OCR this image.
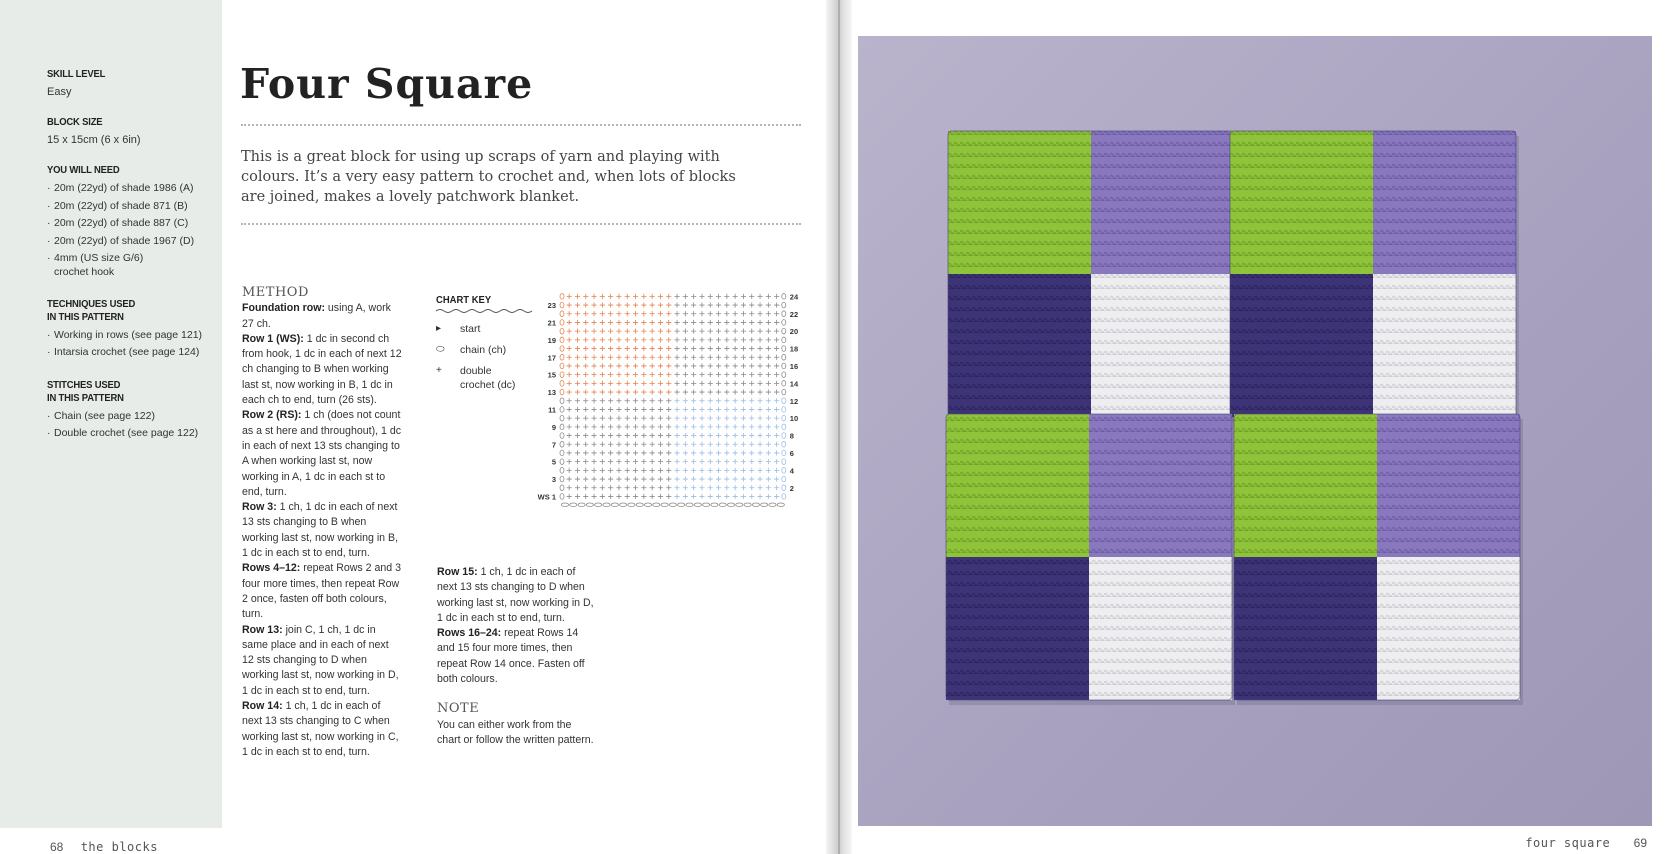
SKILL LEVEL
Easy
BLOCK SIZE
15 x 15cm (6 x 6in)
YOU WILL NEED
· 20m (22yd) of shade 1986 (A)
· 20m (22yd) of shade 871 (B)
· 20m (22yd) of shade 887 (C)
· 20m (22yd) of shade 1967 (D)
· 4mm (US size G/6)
crochet hook
TECHNIQUES USED
IN THIS PATTERN
· Working in rows (see page 121)
· Intarsia crochet (see page 124)
STITCHES USED
IN THIS PATTERN
· Chain (see page 122)
· Double crochet (see page 122)
Four Square

This is a great block for using up scraps of yarn and playing with colours. It’s a very easy pattern to crochet and, when lots of blocks are joined, makes a lovely patchwork blanket.

METHOD

Foundation row: using A, work 27 ch.

Row 1 (WS): 1 dc in second ch from hook, 1 dc in each of next 12 ch changing to B when working last st, now working in B, 1 dc in each ch to end, turn (26 sts).

Row 2 (RS): 1 ch (does not count as a st here and throughout), 1 dc in each of next 13 sts changing to A when working last st, now working in A, 1 dc in each st to end, turn.

Row 3: 1 ch, 1 dc in each of next 13 sts changing to B when working last st, now working in B, 1 dc in each st to end, turn.

Rows 4–12: repeat Rows 2 and 3 four more times, then repeat Row 2 once, fasten off both colours, turn.

Row 13: join C, 1 ch, 1 dc in same place and in each of next 12 sts changing to D when working last st, now working in D, 1 dc in each st to end, turn.

Row 14: 1 ch, 1 dc in each of next 13 sts changing to C when working last st, now working in C, 1 dc in each st to end, turn.

Row 15: 1 ch, 1 dc in each of next 13 sts changing to D when working last st, now working in D, 1 dc in each st to end, turn.

Rows 16–24: repeat Rows 14 and 15 four more times, then repeat Row 14 once. Fasten off both colours.

NOTE

You can either work from the chart or follow the written pattern.

CHART KEY
▸	start
⬭	chain (ch)
+	double crochet (dc)
23
21
19
17
15
13
11
9
7
5
3
WS 1
24
22
20
18
16
14
12
10
8
6
4
2
68 the blocks	four square 69
